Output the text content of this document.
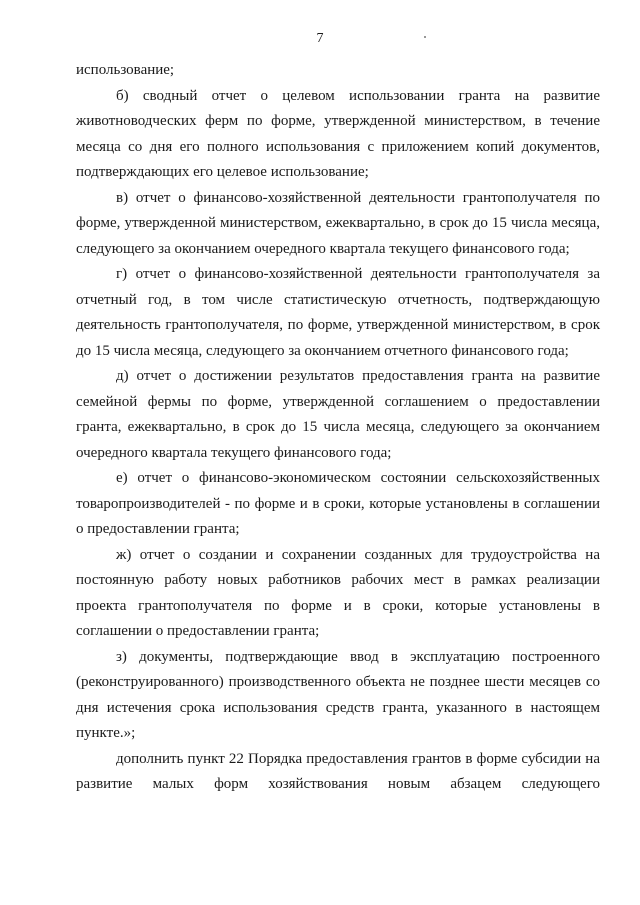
7

использование;

б) сводный отчет о целевом использовании гранта на развитие животноводческих ферм по форме, утвержденной министерством, в течение месяца со дня его полного использования с приложением копий документов, подтверждающих его целевое использование;

в) отчет о финансово-хозяйственной деятельности грантополучателя по форме, утвержденной министерством, ежеквартально, в срок до 15 числа месяца, следующего за окончанием очередного квартала текущего финансового года;

г) отчет о финансово-хозяйственной деятельности грантополучателя за отчетный год, в том числе статистическую отчетность, подтверждающую деятельность грантополучателя, по форме, утвержденной министерством, в срок до 15 числа месяца, следующего за окончанием отчетного финансового года;

д) отчет о достижении результатов предоставления гранта на развитие семейной фермы по форме, утвержденной соглашением о предоставлении гранта, ежеквартально, в срок до 15 числа месяца, следующего за окончанием очередного квартала текущего финансового года;

е) отчет о финансово-экономическом состоянии сельскохозяйственных товаропроизводителей - по форме и в сроки, которые установлены в соглашении о предоставлении гранта;

ж) отчет о создании и сохранении созданных для трудоустройства на постоянную работу новых работников рабочих мест в рамках реализации проекта грантополучателя по форме и в сроки, которые установлены в соглашении о предоставлении гранта;

з) документы, подтверждающие ввод в эксплуатацию построенного (реконструированного) производственного объекта не позднее шести месяцев со дня истечения срока использования средств гранта, указанного в настоящем пункте.»;

дополнить пункт 22 Порядка предоставления грантов в форме субсидии на развитие малых форм хозяйствования новым абзацем следующего
